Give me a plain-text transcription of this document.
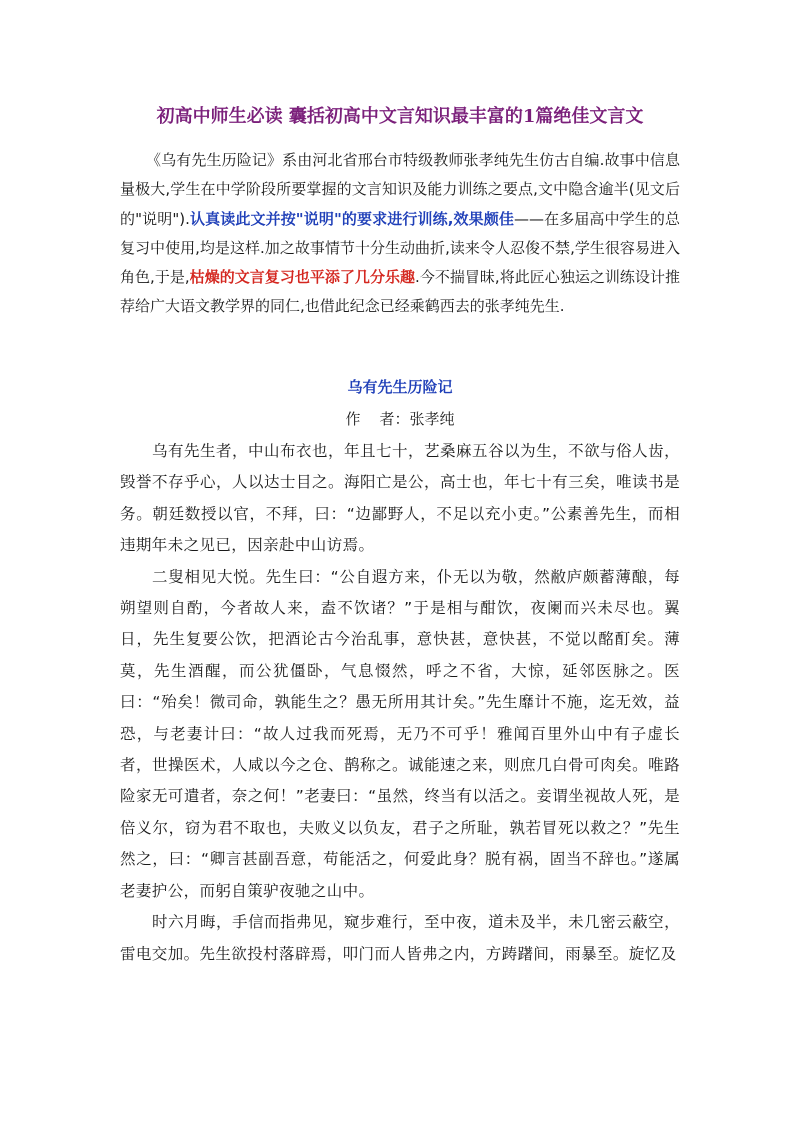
初高中师生必读 囊括初高中文言知识最丰富的1篇绝佳文言文
《乌有先生历险记》系由河北省邢台市特级教师张孝纯先生仿古自编.故事中信息量极大,学生在中学阶段所要掌握的文言知识及能力训练之要点,文中隐含逾半(见文后的"说明").认真读此文并按"说明"的要求进行训练,效果颇佳——在多届高中学生的总复习中使用,均是这样.加之故事情节十分生动曲折,读来令人忍俊不禁,学生很容易进入角色,于是,枯燥的文言复习也平添了几分乐趣.今不揣冒昧,将此匠心独运之训练设计推荐给广大语文教学界的同仁,也借此纪念已经乘鹤西去的张孝纯先生.
乌有先生历险记
作    者：张孝纯

乌有先生者，中山布衣也，年且七十，艺桑麻五谷以为生，不欲与俗人齿，毁誉不存乎心，人以达士目之。海阳亡是公，高士也，年七十有三矣，唯读书是务。朝廷数授以官，不拜，曰：“边鄙野人，不足以充小吏。”公素善先生，而相违期年未之见已，因亲赴中山访焉。

二叟相见大悦。先生曰：“公自遐方来，仆无以为敬，然敝庐颇蓄薄酿，每朔望则自酌，今者故人来，盍不饮诸？”于是相与酣饮，夜阑而兴未尽也。翼日，先生复要公饮，把酒论古今治乱事，意快甚，意快甚，不觉以酩酊矣。薄莫，先生酒醒，而公犹僵卧，气息惙然，呼之不省，大惊，延邻医脉之。医曰：“殆矣！微司命，孰能生之？愚无所用其计矣。”先生靡计不施，迄无效，益恐，与老妻计曰：“故人过我而死焉，无乃不可乎！雅闻百里外山中有子虚长者，世操医术，人咸以今之仓、鹊称之。诚能速之来，则庶几白骨可肉矣。唯路险家无可遣者，奈之何！”老妻曰：“虽然，终当有以活之。妾谓坐视故人死，是倍义尔，窃为君不取也，夫败义以负友，君子之所耻，孰若冒死以救之？”先生然之，曰：“卿言甚副吾意，苟能活之，何爱此身？脱有祸，固当不辞也。”遂属老妻护公，而躬自策驴夜驰之山中。

时六月晦，手信而指弗见，窥步难行，至中夜，道未及半，未几密云蔽空，雷电交加。先生欲投村落辟焉，叩门而人皆弗之内，方踌躇间，雨暴至。旋忆及
